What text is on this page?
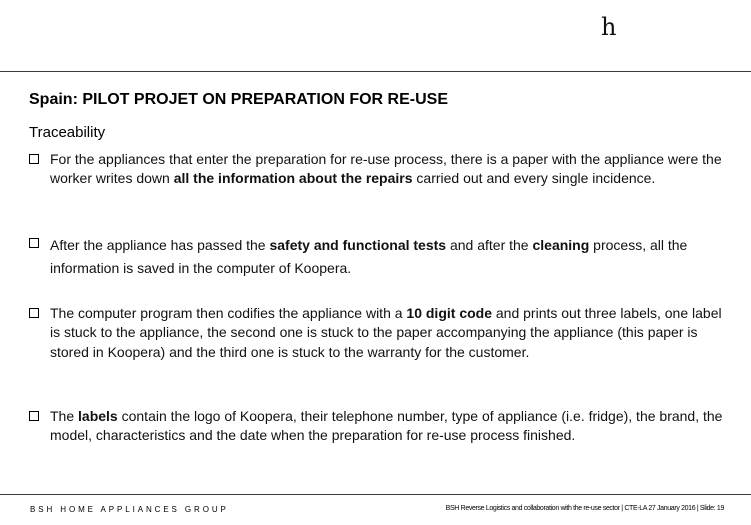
h
Spain: PILOT PROJET ON PREPARATION FOR RE-USE
Traceability
For the appliances that enter the preparation for re-use process, there is a paper with the appliance were the worker writes down all the information about the repairs carried out and every single incidence.
After the appliance has passed the safety and functional tests and after the cleaning process, all the information is saved in the computer of Koopera.
The computer program then codifies the appliance with a 10 digit code and prints out three labels, one label is stuck to the appliance, the second one is stuck to the paper accompanying the appliance (this paper is stored in Koopera) and the third one is stuck to the warranty for the customer.
The labels contain the logo of Koopera, their telephone number, type of appliance (i.e. fridge), the brand, the model, characteristics and the date when the preparation for re-use process finished.
BSH HOME APPLIANCES GROUP	BSH Reverse Logistics and collaboration with the re-use sector | CTE-LA 27 January 2016 | Slide: 19
